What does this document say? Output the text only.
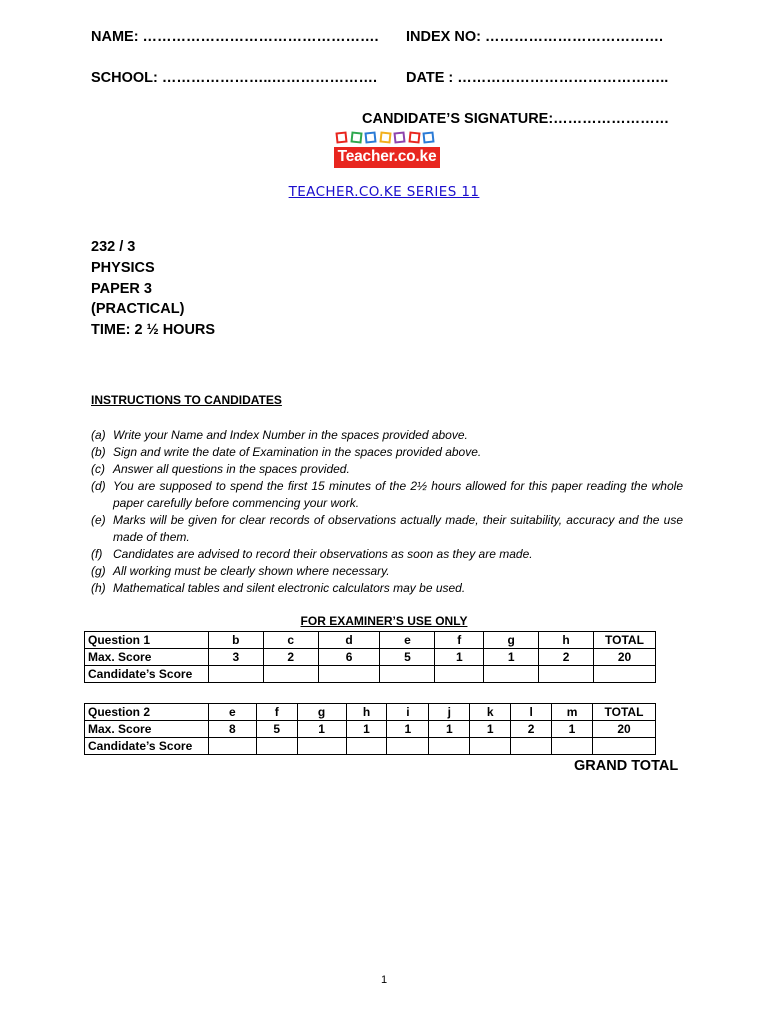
NAME: …………………………………………. INDEX NO: ……………………………….
SCHOOL: …………………..…………………. DATE : ……………………………………..
CANDIDATE’S SIGNATURE:……………………
Teacher.co.ke
TEACHER.CO.KE SERIES 11
232 / 3
PHYSICS
PAPER 3
(PRACTICAL)
TIME: 2 ½ HOURS
INSTRUCTIONS TO CANDIDATES
(a) Write your Name and Index Number in the spaces provided above.
(b) Sign and write the date of Examination in the spaces provided above.
(c) Answer all questions in the spaces provided.
(d) You are supposed to spend the first 15 minutes of the 2½ hours allowed for this paper reading the whole paper carefully before commencing your work.
(e) Marks will be given for clear records of observations actually made, their suitability, accuracy and the use made of them.
(f) Candidates are advised to record their observations as soon as they are made.
(g) All working must be clearly shown where necessary.
(h) Mathematical tables and silent electronic calculators may be used.
FOR EXAMINER’S USE ONLY
Question 1	b	c	d	e	f	g	h	TOTAL
Max. Score	3	2	6	5	1	1	2	20
Candidate’s Score								
Question 2	e	f	g	h	i	j	k	l	m	TOTAL
Max. Score	8	5	1	1	1	1	1	2	1	20
Candidate’s Score										
GRAND TOTAL
1
